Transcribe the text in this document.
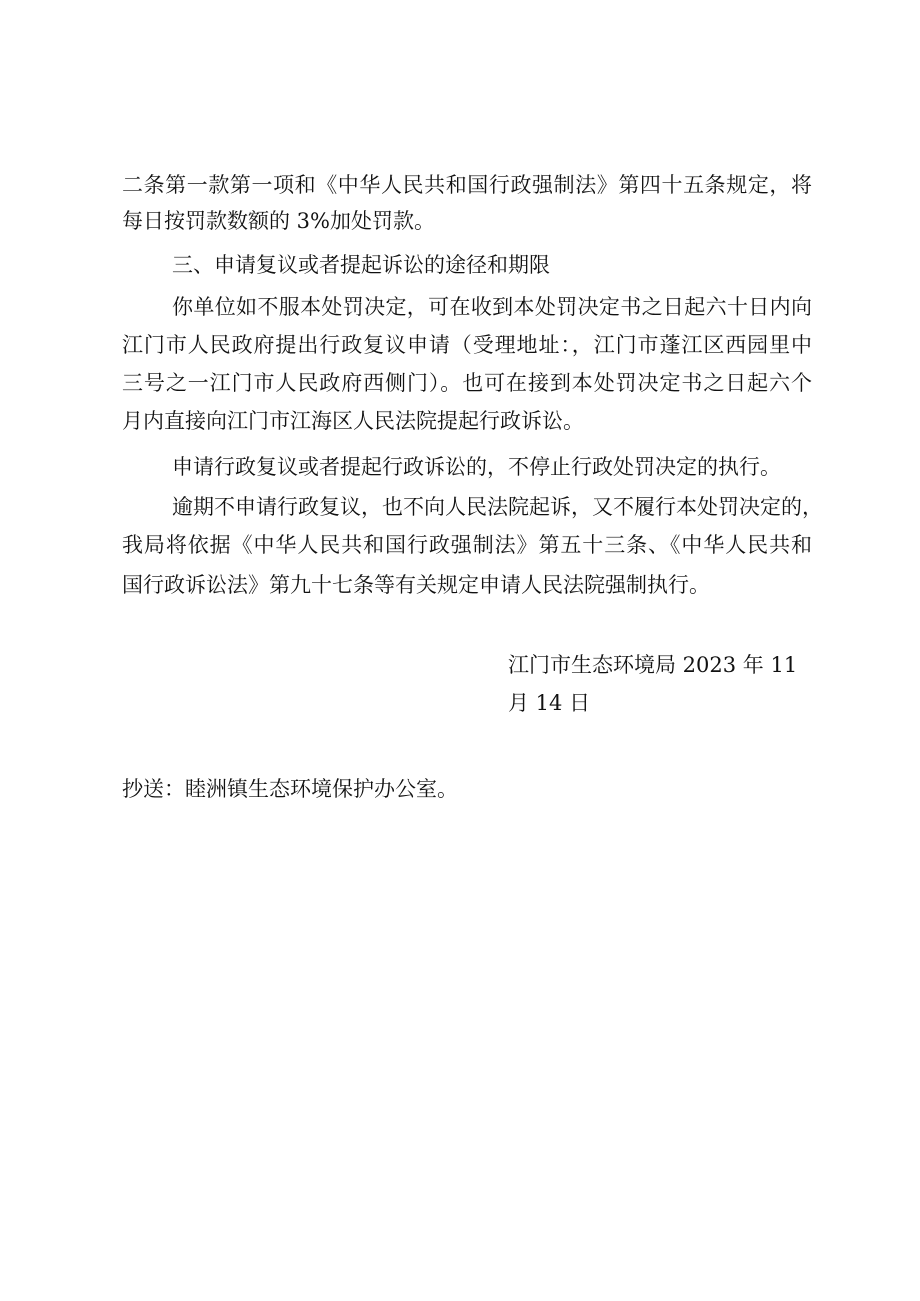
二条第一款第一项和《中华人民共和国行政强制法》第四十五条规定，将
每日按罚款数额的 3%加处罚款。
三、申请复议或者提起诉讼的途径和期限
你单位如不服本处罚决定，可在收到本处罚决定书之日起六十日内向
江门市人民政府提出行政复议申请（受理地址：，江门市蓬江区西园里中
三号之一江门市人民政府西侧门）。也可在接到本处罚决定书之日起六个
月内直接向江门市江海区人民法院提起行政诉讼。
申请行政复议或者提起行政诉讼的，不停止行政处罚决定的执行。
逾期不申请行政复议，也不向人民法院起诉，又不履行本处罚决定的，
我局将依据《中华人民共和国行政强制法》第五十三条、《中华人民共和
国行政诉讼法》第九十七条等有关规定申请人民法院强制执行。
江门市生态环境局 2023 年 11
月 14 日
抄送：睦洲镇生态环境保护办公室。
